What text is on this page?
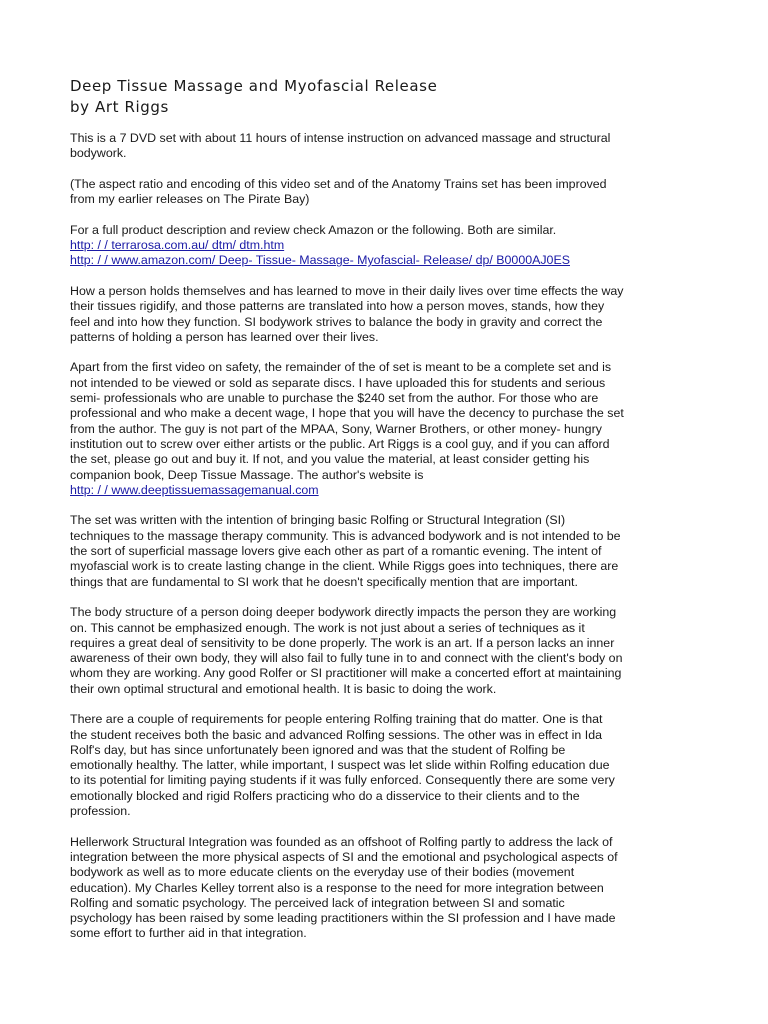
Deep Tissue Massage and Myofascial Release
by Art Riggs
This is a 7 DVD set with about 11 hours of intense instruction on advanced massage and structural
bodywork.
(The aspect ratio and encoding of this video set and of the Anatomy Trains set has been improved
from my earlier releases on The Pirate Bay)
For a full product description and review check Amazon or the following. Both are similar.
http: / / terrarosa.com.au/ dtm/ dtm.htm
http: / / www.amazon.com/ Deep- Tissue- Massage- Myofascial- Release/ dp/ B0000AJ0ES
How a person holds themselves and has learned to move in their daily lives over time effects the way
their tissues rigidify, and those patterns are translated into how a person moves, stands, how they
feel and into how they function. SI bodywork strives to balance the body in gravity and correct the
patterns of holding a person has learned over their lives.
Apart from the first video on safety, the remainder of the of set is meant to be a complete set and is
not intended to be viewed or sold as separate discs. I have uploaded this for students and serious
semi- professionals who are unable to purchase the $240 set from the author. For those who are
professional and who make a decent wage, I hope that you will have the decency to purchase the set
from the author. The guy is not part of the MPAA, Sony, Warner Brothers, or other money- hungry
institution out to screw over either artists or the public. Art Riggs is a cool guy, and if you can afford
the set, please go out and buy it. If not, and you value the material, at least consider getting his
companion book, Deep Tissue Massage. The author's website is
http: / / www.deeptissuemassagemanual.com
The set was written with the intention of bringing basic Rolfing or Structural Integration (SI)
techniques to the massage therapy community. This is advanced bodywork and is not intended to be
the sort of superficial massage lovers give each other as part of a romantic evening. The intent of
myofascial work is to create lasting change in the client. While Riggs goes into techniques, there are
things that are fundamental to SI work that he doesn't specifically mention that are important.
The body structure of a person doing deeper bodywork directly impacts the person they are working
on. This cannot be emphasized enough. The work is not just about a series of techniques as it
requires a great deal of sensitivity to be done properly. The work is an art. If a person lacks an inner
awareness of their own body, they will also fail to fully tune in to and connect with the client's body on
whom they are working. Any good Rolfer or SI practitioner will make a concerted effort at maintaining
their own optimal structural and emotional health. It is basic to doing the work.
There are a couple of requirements for people entering Rolfing training that do matter. One is that
the student receives both the basic and advanced Rolfing sessions. The other was in effect in Ida
Rolf's day, but has since unfortunately been ignored and was that the student of Rolfing be
emotionally healthy. The latter, while important, I suspect was let slide within Rolfing education due
to its potential for limiting paying students if it was fully enforced. Consequently there are some very
emotionally blocked and rigid Rolfers practicing who do a disservice to their clients and to the
profession.
Hellerwork Structural Integration was founded as an offshoot of Rolfing partly to address the lack of
integration between the more physical aspects of SI and the emotional and psychological aspects of
bodywork as well as to more educate clients on the everyday use of their bodies (movement
education). My Charles Kelley torrent also is a response to the need for more integration between
Rolfing and somatic psychology. The perceived lack of integration between SI and somatic
psychology has been raised by some leading practitioners within the SI profession and I have made
some effort to further aid in that integration.
